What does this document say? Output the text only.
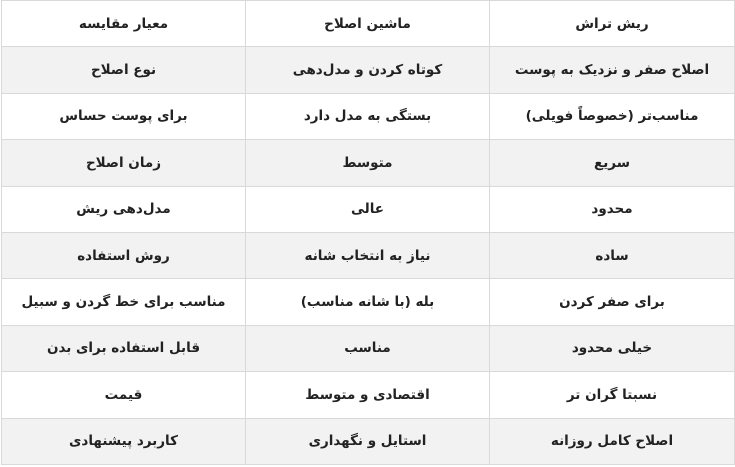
ریش تراش	ماشین اصلاح	معیار مقایسه
اصلاح صفر و نزدیک به پوست	کوتاه کردن و مدل‌دهی	نوع اصلاح
مناسب‌تر (خصوصاً فویلی)	بستگی به مدل دارد	برای پوست حساس
سریع	متوسط	زمان اصلاح
محدود	عالی	مدل‌دهی ریش
ساده	نیاز به انتخاب شانه	روش استفاده
برای صفر کردن	بله (با شانه مناسب)	مناسب برای خط گردن و سبیل
خیلی محدود	مناسب	قابل استفاده برای بدن
نسبتا گران تر	اقتصادی و متوسط	قیمت
اصلاح کامل روزانه	استایل و نگهداری	کاربرد پیشنهادی
